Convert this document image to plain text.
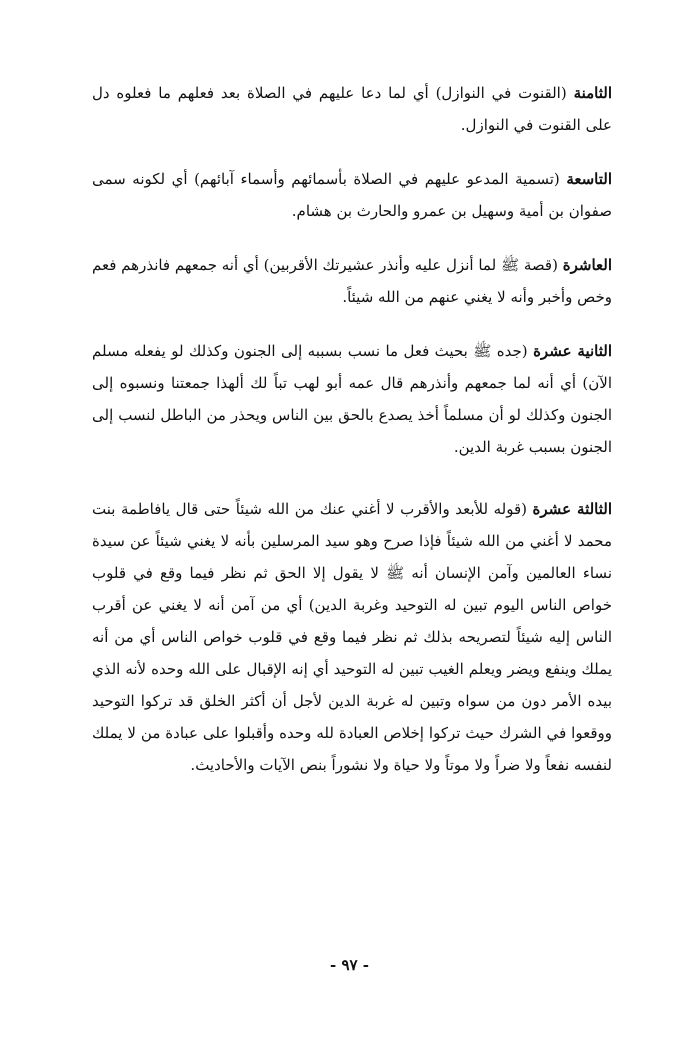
الثامنة (القنوت في النوازل) أي لما دعا عليهم في الصلاة بعد فعلهم ما فعلوه دل على القنوت في النوازل.

التاسعة (تسمية المدعو عليهم في الصلاة بأسمائهم وأسماء آبائهم) أي لكونه سمى صفوان بن أمية وسهيل بن عمرو والحارث بن هشام.

العاشرة (قصة ﷺ لما أنزل عليه وأنذر عشيرتك الأقربين) أي أنه جمعهم فانذرهم فعم وخص وأخبر وأنه لا يغني عنهم من الله شيئاً.

الثانية عشرة (جده ﷺ بحيث فعل ما نسب بسببه إلى الجنون وكذلك لو يفعله مسلم الآن) أي أنه لما جمعهم وأنذرهم قال عمه أبو لهب تباً لك ألهذا جمعتنا ونسبوه إلى الجنون وكذلك لو أن مسلماً أخذ يصدع بالحق بين الناس ويحذر من الباطل لنسب إلى الجنون بسبب غربة الدين.

الثالثة عشرة (قوله للأبعد والأقرب لا أغني عنك من الله شيئاً حتى قال يافاطمة بنت محمد لا أغني من الله شيئاً فإذا صرح وهو سيد المرسلين بأنه لا يغني شيئاً عن سيدة نساء العالمين وآمن الإنسان أنه ﷺ لا يقول إلا الحق ثم نظر فيما وقع في قلوب خواص الناس اليوم تبين له التوحيد وغربة الدين) أي من آمن أنه لا يغني عن أقرب الناس إليه شيئاً لتصريحه بذلك ثم نظر فيما وقع في قلوب خواص الناس أي من أنه يملك وينفع ويضر ويعلم الغيب تبين له التوحيد أي إنه الإقبال على الله وحده لأنه الذي بيده الأمر دون من سواه وتبين له غربة الدين لأجل أن أكثر الخلق قد تركوا التوحيد ووقعوا في الشرك حيث تركوا إخلاص العبادة لله وحده وأقبلوا على عبادة من لا يملك لنفسه نفعاً ولا ضراً ولا موتاً ولا حياة ولا نشوراً بنص الآيات والأحاديث.

- ٩٧ -
